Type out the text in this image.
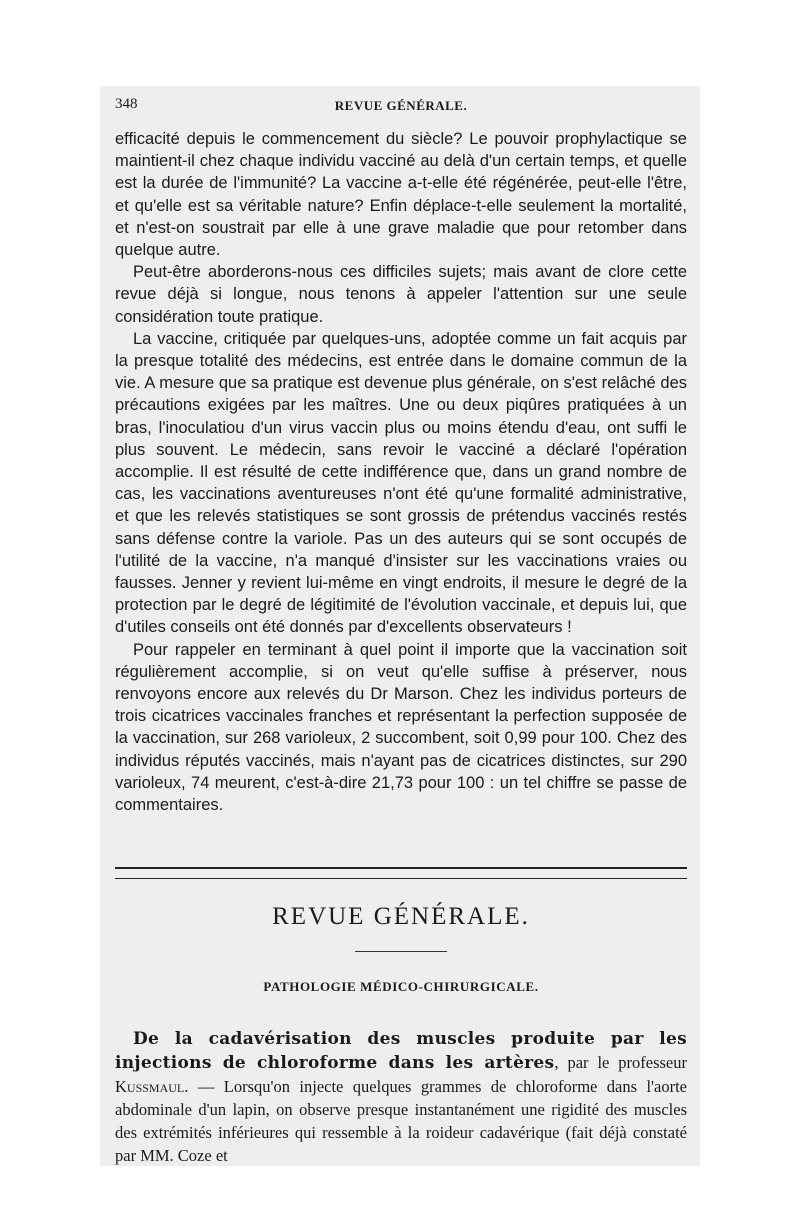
348	REVUE GÉNÉRALE.

efficacité depuis le commencement du siècle? Le pouvoir prophylactique se maintient-il chez chaque individu vacciné au delà d'un certain temps, et quelle est la durée de l'immunité? La vaccine a-t-elle été régénérée, peut-elle l'être, et qu'elle est sa véritable nature? Enfin déplace-t-elle seulement la mortalité, et n'est-on soustrait par elle à une grave maladie que pour retomber dans quelque autre.

Peut-être aborderons-nous ces difficiles sujets; mais avant de clore cette revue déjà si longue, nous tenons à appeler l'attention sur une seule considération toute pratique.

La vaccine, critiquée par quelques-uns, adoptée comme un fait acquis par la presque totalité des médecins, est entrée dans le domaine commun de la vie. A mesure que sa pratique est devenue plus générale, on s'est relâché des précautions exigées par les maîtres. Une ou deux piqûres pratiquées à un bras, l'inoculatiou d'un virus vaccin plus ou moins étendu d'eau, ont suffi le plus souvent. Le médecin, sans revoir le vacciné a déclaré l'opération accomplie. Il est résulté de cette indifférence que, dans un grand nombre de cas, les vaccinations aventureuses n'ont été qu'une formalité administrative, et que les relevés statistiques se sont grossis de prétendus vaccinés restés sans défense contre la variole. Pas un des auteurs qui se sont occupés de l'utilité de la vaccine, n'a manqué d'insister sur les vaccinations vraies ou fausses. Jenner y revient lui-même en vingt endroits, il mesure le degré de la protection par le degré de légitimité de l'évolution vaccinale, et depuis lui, que d'utiles conseils ont été donnés par d'excellents observateurs !

Pour rappeler en terminant à quel point il importe que la vaccination soit régulièrement accomplie, si on veut qu'elle suffise à préserver, nous renvoyons encore aux relevés du Dr Marson. Chez les individus porteurs de trois cicatrices vaccinales franches et représentant la perfection supposée de la vaccination, sur 268 varioleux, 2 succombent, soit 0,99 pour 100. Chez des individus réputés vaccinés, mais n'ayant pas de cicatrices distinctes, sur 290 varioleux, 74 meurent, c'est-à-dire 21,73 pour 100 : un tel chiffre se passe de commentaires.

REVUE GÉNÉRALE.
PATHOLOGIE MÉDICO-CHIRURGICALE.

De la cadavérisation des muscles produite par les injections de chloroforme dans les artères, par le professeur Kussmaul. — Lorsqu'on injecte quelques grammes de chloroforme dans l'aorte abdominale d'un lapin, on observe presque instantanément une rigidité des muscles des extrémités inférieures qui ressemble à la roideur cadavérique (fait déjà constaté par MM. Coze et
